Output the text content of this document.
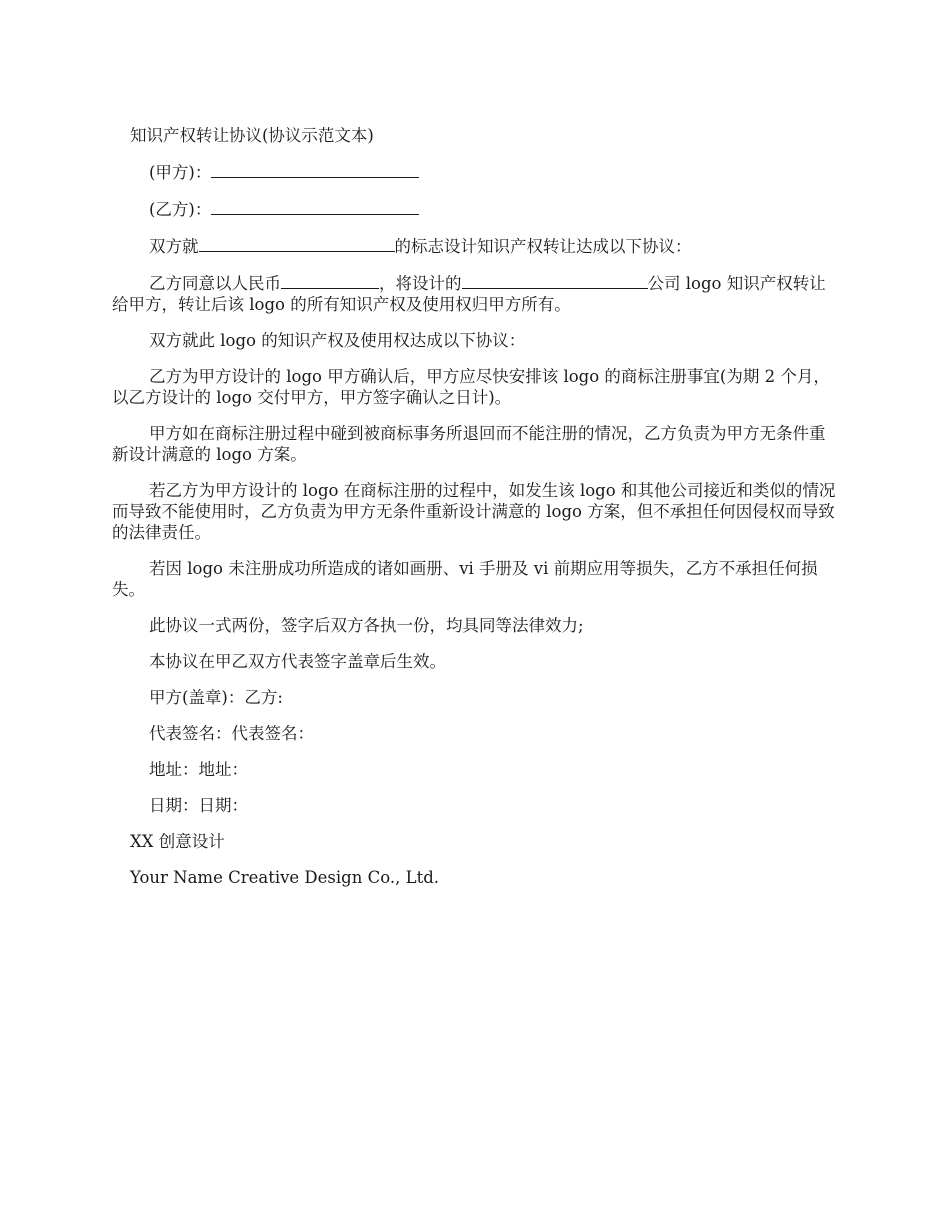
知识产权转让协议(协议示范文本)

(甲方)：

(乙方)：

双方就	的标志设计知识产权转让达成以下协议：

乙方同意以人民币	，将设计的	公司 logo 知识产权转让给甲方，转让后该 logo 的所有知识产权及使用权归甲方所有。

双方就此 logo 的知识产权及使用权达成以下协议：

乙方为甲方设计的 logo 甲方确认后，甲方应尽快安排该 logo 的商标注册事宜(为期 2 个月，以乙方设计的 logo 交付甲方，甲方签字确认之日计)。

甲方如在商标注册过程中碰到被商标事务所退回而不能注册的情况，乙方负责为甲方无条件重新设计满意的 logo 方案。

若乙方为甲方设计的 logo 在商标注册的过程中，如发生该 logo 和其他公司接近和类似的情况而导致不能使用时，乙方负责为甲方无条件重新设计满意的 logo 方案，但不承担任何因侵权而导致的法律责任。

若因 logo 未注册成功所造成的诸如画册、vi 手册及 vi 前期应用等损失，乙方不承担任何损失。

此协议一式两份，签字后双方各执一份，均具同等法律效力;

本协议在甲乙双方代表签字盖章后生效。

甲方(盖章)：乙方:

代表签名：代表签名：

地址：地址：

日期：日期：

XX 创意设计

Your Name Creative Design Co., Ltd.
